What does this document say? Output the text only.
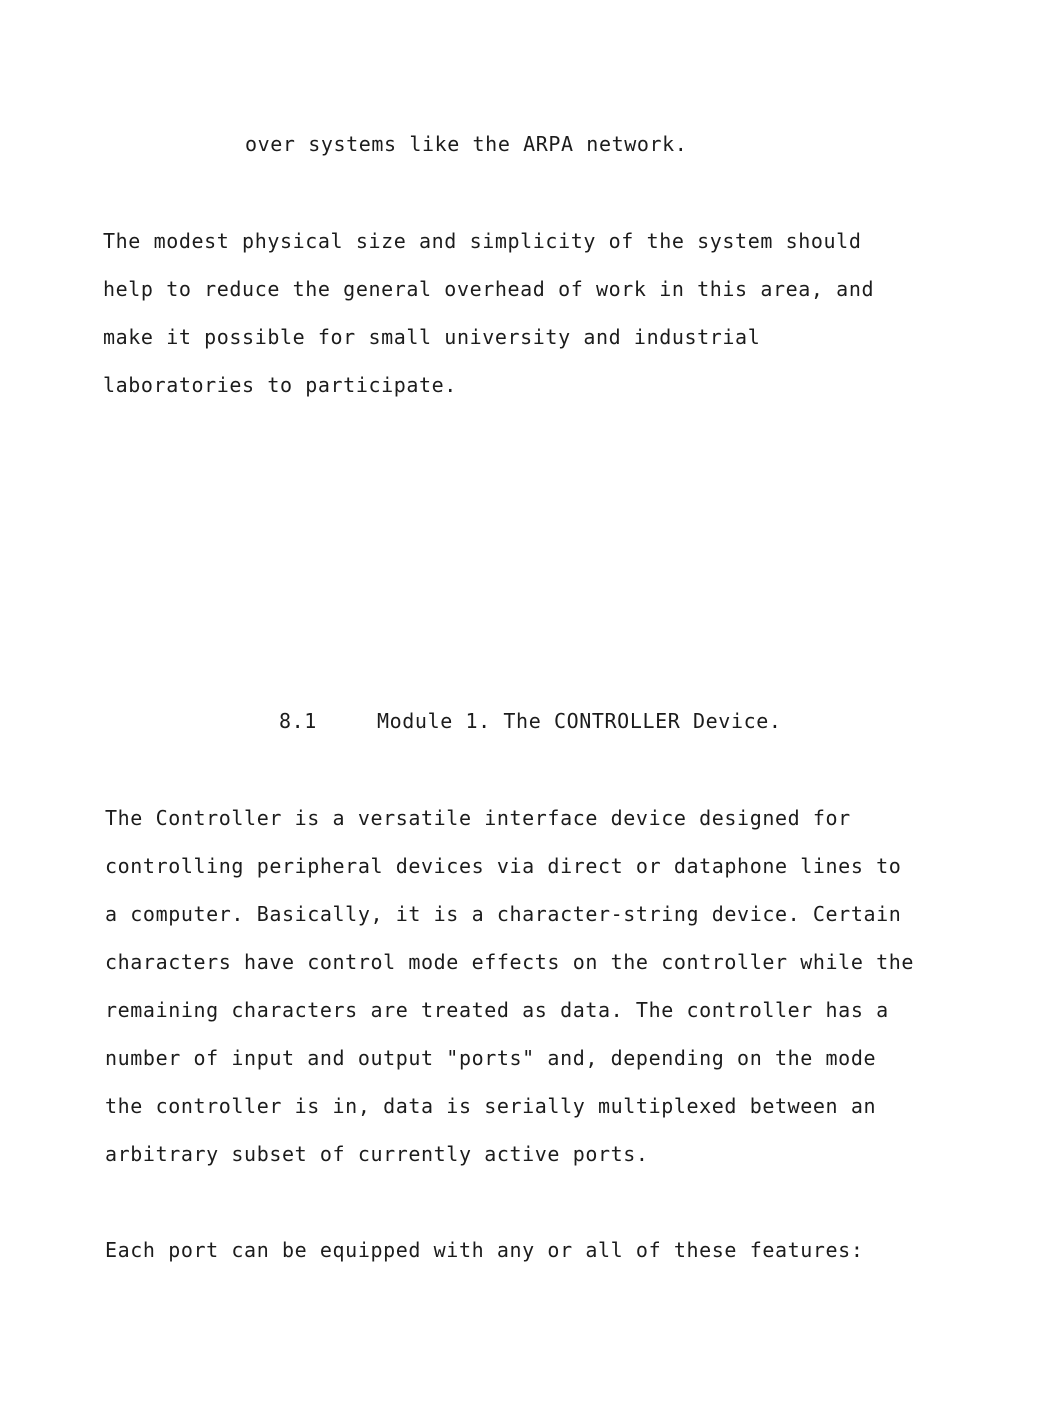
over systems like the ARPA network.

The modest physical size and simplicity of the system should

help to reduce the general overhead of work in this area, and

make it possible for small university and industrial

laboratories to participate.

8.1	Module 1. The CONTROLLER Device.

The Controller is a versatile interface device designed for

controlling peripheral devices via direct or dataphone lines to

a computer. Basically, it is a character-string device. Certain

characters have control mode effects on the controller while the

remaining characters are treated as data. The controller has a

number of input and output "ports" and, depending on the mode

the controller is in, data is serially multiplexed between an

arbitrary subset of currently active ports.

Each port can be equipped with any or all of these features:
